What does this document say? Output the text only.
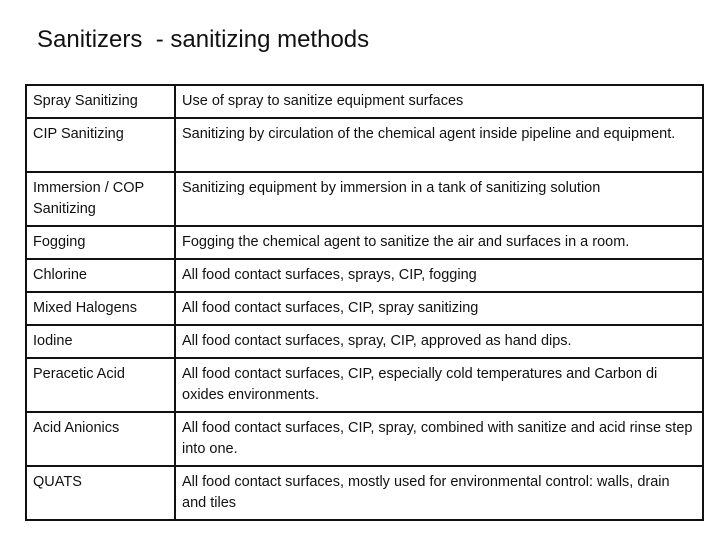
Sanitizers  - sanitizing methods
Spray Sanitizing	Use of spray to sanitize equipment surfaces
CIP Sanitizing	Sanitizing by circulation of the chemical agent inside pipeline and equipment.
Immersion / COP Sanitizing	Sanitizing equipment by immersion in a tank of sanitizing solution
Fogging	Fogging the chemical agent to sanitize the air and surfaces in a room.
Chlorine	All food contact surfaces, sprays, CIP, fogging
Mixed Halogens	All food contact surfaces, CIP, spray sanitizing
Iodine	All food contact surfaces, spray, CIP, approved as hand dips.
Peracetic Acid	All food contact surfaces, CIP, especially cold temperatures and Carbon di oxides environments.
Acid Anionics	All food contact surfaces, CIP, spray, combined with sanitize and acid rinse step into one.
QUATS	All food contact surfaces, mostly used for environmental control: walls, drain and tiles
